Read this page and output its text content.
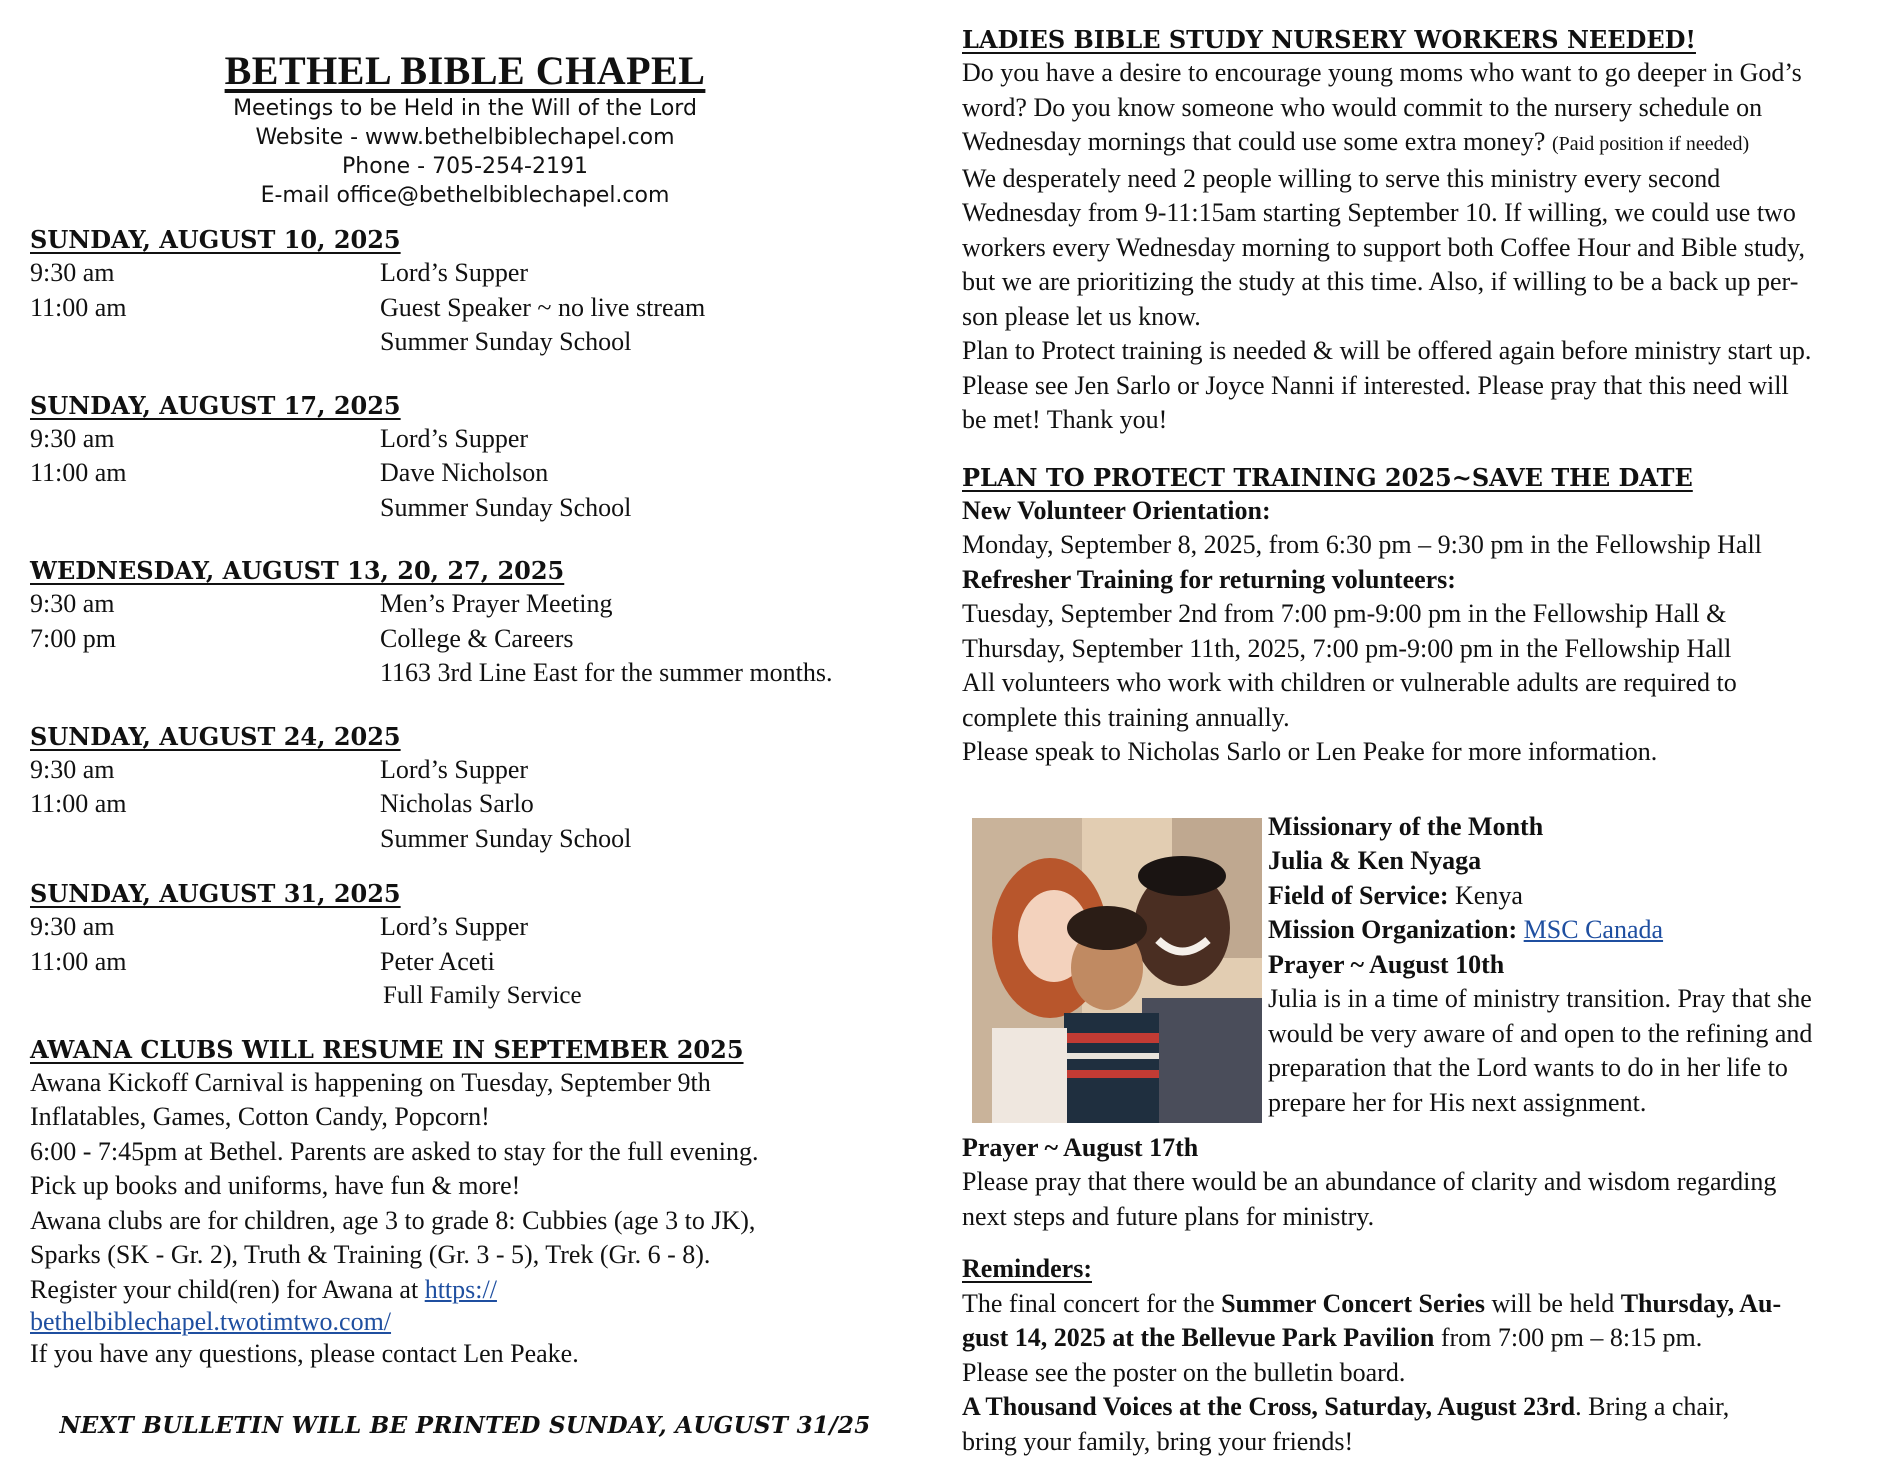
BETHEL BIBLE CHAPEL
Meetings to be Held in the Will of the Lord
Website - www.bethelbiblechapel.com
Phone - 705-254-2191
E-mail office@bethelbiblechapel.com
SUNDAY, AUGUST 10, 2025
9:30 am	Lord’s Supper
11:00 am	Guest Speaker ~ no live stream
Summer Sunday School
SUNDAY, AUGUST 17, 2025
9:30 am	Lord’s Supper
11:00 am	Dave Nicholson
Summer Sunday School
WEDNESDAY, AUGUST 13, 20, 27, 2025
9:30 am	Men’s Prayer Meeting
7:00 pm	College & Careers
1163 3rd Line East for the summer months.
SUNDAY, AUGUST 24, 2025
9:30 am	Lord’s Supper
11:00 am	Nicholas Sarlo
Summer Sunday School
SUNDAY, AUGUST 31, 2025
9:30 am	Lord’s Supper
11:00 am	Peter Aceti
Full Family Service
AWANA CLUBS WILL RESUME IN SEPTEMBER 2025
Awana Kickoff Carnival is happening on Tuesday, September 9th
Inflatables, Games, Cotton Candy, Popcorn!
6:00 - 7:45pm at Bethel. Parents are asked to stay for the full evening.
Pick up books and uniforms, have fun & more!
Awana clubs are for children, age 3 to grade 8: Cubbies (age 3 to JK),
Sparks (SK - Gr. 2), Truth & Training (Gr. 3 - 5), Trek (Gr. 6 - 8).
Register your child(ren) for Awana at https://
bethelbiblechapel.twotimtwo.com/
If you have any questions, please contact Len Peake.
NEXT BULLETIN WILL BE PRINTED SUNDAY, AUGUST 31/25
LADIES BIBLE STUDY NURSERY WORKERS NEEDED!
Do you have a desire to encourage young moms who want to go deeper in God’s
word? Do you know someone who would commit to the nursery schedule on
Wednesday mornings that could use some extra money? (Paid position if needed)
We desperately need 2 people willing to serve this ministry every second
Wednesday from 9-11:15am starting September 10. If willing, we could use two
workers every Wednesday morning to support both Coffee Hour and Bible study,
but we are prioritizing the study at this time. Also, if willing to be a back up per-
son please let us know.
Plan to Protect training is needed & will be offered again before ministry start up.
Please see Jen Sarlo or Joyce Nanni if interested. Please pray that this need will
be met! Thank you!
PLAN TO PROTECT TRAINING 2025~SAVE THE DATE
New Volunteer Orientation:
Monday, September 8, 2025, from 6:30 pm – 9:30 pm in the Fellowship Hall
Refresher Training for returning volunteers:
Tuesday, September 2nd from 7:00 pm-9:00 pm in the Fellowship Hall &
Thursday, September 11th, 2025, 7:00 pm-9:00 pm in the Fellowship Hall
All volunteers who work with children or vulnerable adults are required to
complete this training annually.
Please speak to Nicholas Sarlo or Len Peake for more information.
Missionary of the Month
Julia & Ken Nyaga
Field of Service: Kenya
Mission Organization: MSC Canada
Prayer ~ August 10th
Julia is in a time of ministry transition. Pray that she
would be very aware of and open to the refining and
preparation that the Lord wants to do in her life to
prepare her for His next assignment.
Prayer ~ August 17th
Please pray that there would be an abundance of clarity and wisdom regarding
next steps and future plans for ministry.
Reminders:
The final concert for the Summer Concert Series will be held Thursday, Au-
gust 14, 2025 at the Bellevue Park Pavilion from 7:00 pm – 8:15 pm.
Please see the poster on the bulletin board.
A Thousand Voices at the Cross, Saturday, August 23rd. Bring a chair,
bring your family, bring your friends!
